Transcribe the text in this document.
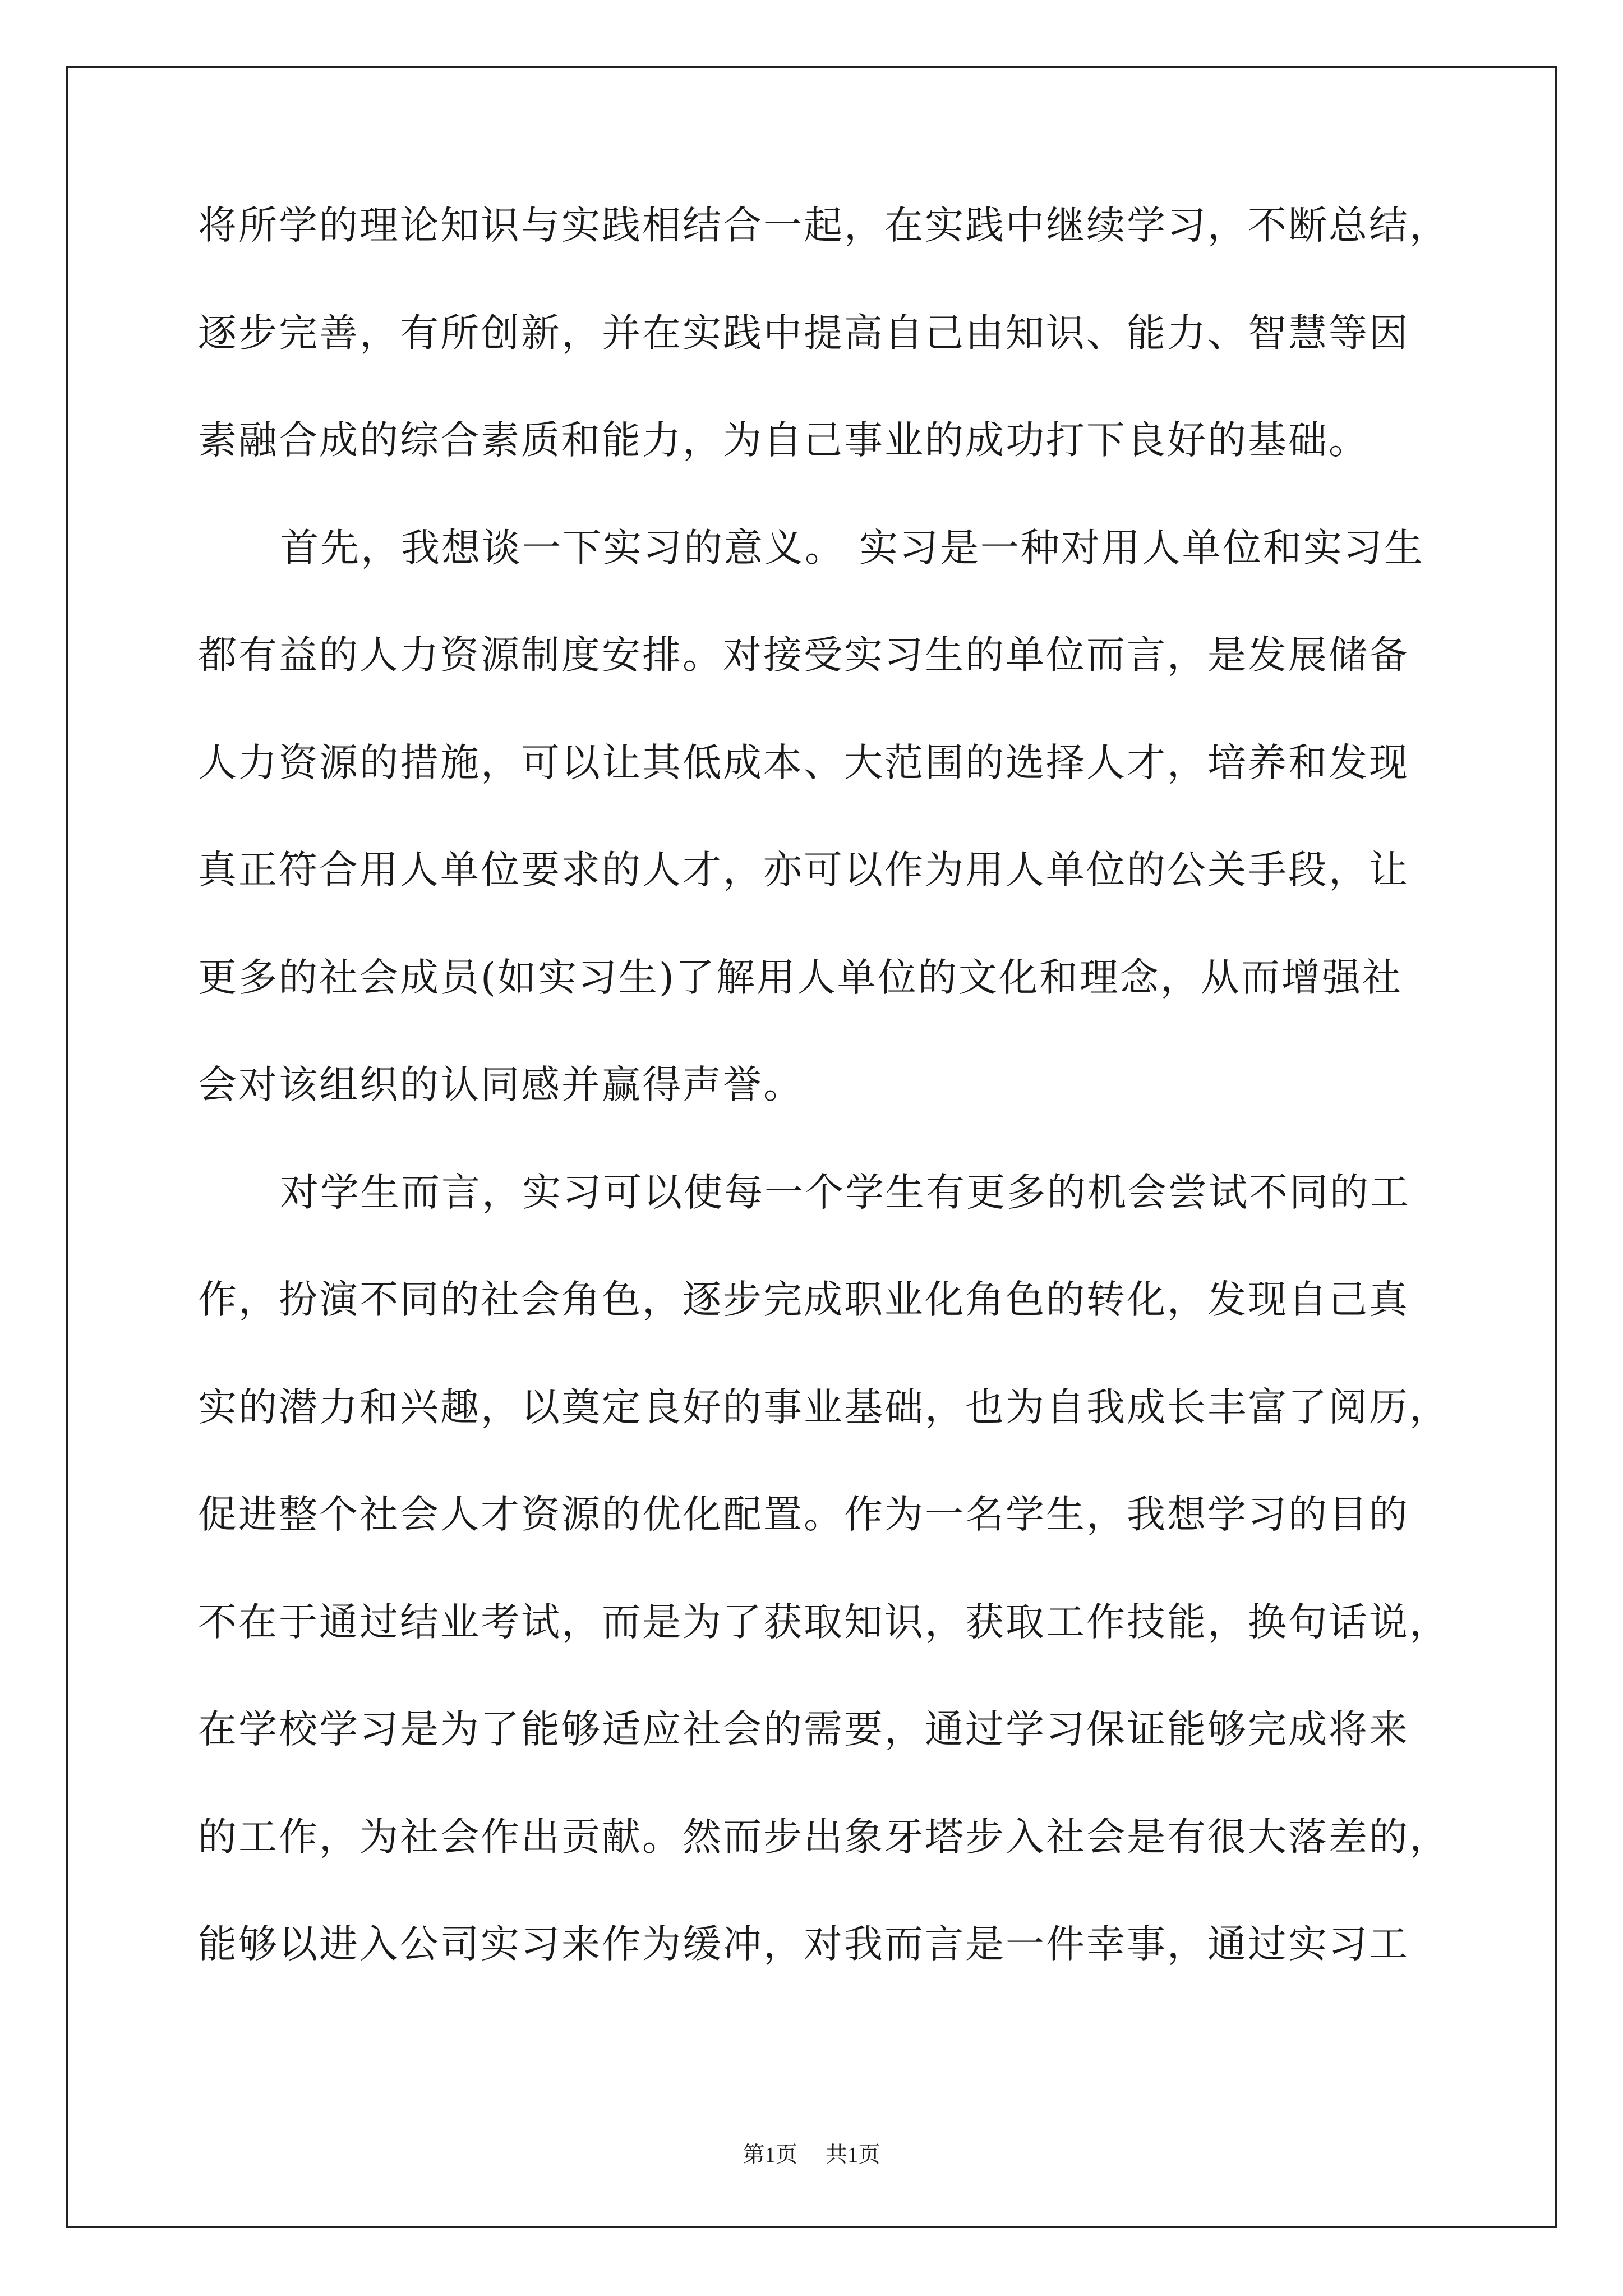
将所学的理论知识与实践相结合一起，在实践中继续学习，不断总结，
逐步完善，有所创新，并在实践中提高自己由知识、能力、智慧等因
素融合成的综合素质和能力，为自己事业的成功打下良好的基础。
首先，我想谈一下实习的意义。 实习是一种对用人单位和实习生
都有益的人力资源制度安排。对接受实习生的单位而言，是发展储备
人力资源的措施，可以让其低成本、大范围的选择人才，培养和发现
真正符合用人单位要求的人才，亦可以作为用人单位的公关手段，让
更多的社会成员(如实习生)了解用人单位的文化和理念，从而增强社
会对该组织的认同感并赢得声誉。
对学生而言，实习可以使每一个学生有更多的机会尝试不同的工
作，扮演不同的社会角色，逐步完成职业化角色的转化，发现自己真
实的潜力和兴趣，以奠定良好的事业基础，也为自我成长丰富了阅历，
促进整个社会人才资源的优化配置。作为一名学生，我想学习的目的
不在于通过结业考试，而是为了获取知识，获取工作技能，换句话说，
在学校学习是为了能够适应社会的需要，通过学习保证能够完成将来
的工作，为社会作出贡献。然而步出象牙塔步入社会是有很大落差的，
能够以进入公司实习来作为缓冲，对我而言是一件幸事，通过实习工
第1页 共1页
